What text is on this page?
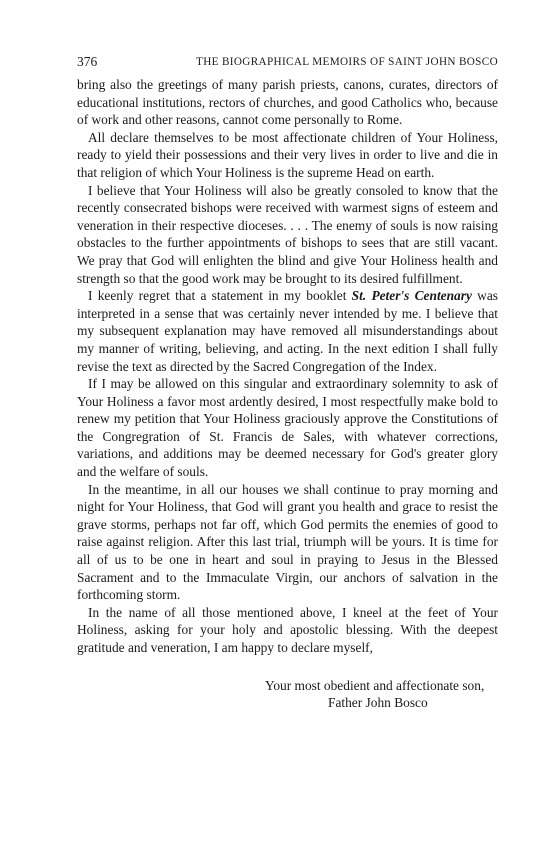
376	THE BIOGRAPHICAL MEMOIRS OF SAINT JOHN BOSCO

bring also the greetings of many parish priests, canons, curates, directors of educational institutions, rectors of churches, and good Catholics who, because of work and other reasons, cannot come personally to Rome.

All declare themselves to be most affectionate children of Your Holiness, ready to yield their possessions and their very lives in order to live and die in that religion of which Your Holiness is the supreme Head on earth.

I believe that Your Holiness will also be greatly consoled to know that the recently consecrated bishops were received with warmest signs of esteem and veneration in their respective dioceses. . . . The enemy of souls is now raising obstacles to the further appointments of bishops to sees that are still vacant. We pray that God will enlighten the blind and give Your Holiness health and strength so that the good work may be brought to its desired fulfillment.

I keenly regret that a statement in my booklet St. Peter's Centenary was interpreted in a sense that was certainly never intended by me. I believe that my subsequent explanation may have removed all misunderstandings about my manner of writing, believing, and acting. In the next edition I shall fully revise the text as directed by the Sacred Congregation of the Index.

If I may be allowed on this singular and extraordinary solemnity to ask of Your Holiness a favor most ardently desired, I most respectfully make bold to renew my petition that Your Holiness graciously approve the Constitutions of the Congregration of St. Francis de Sales, with whatever corrections, variations, and additions may be deemed necessary for God's greater glory and the welfare of souls.

In the meantime, in all our houses we shall continue to pray morning and night for Your Holiness, that God will grant you health and grace to resist the grave storms, perhaps not far off, which God permits the enemies of good to raise against religion. After this last trial, triumph will be yours. It is time for all of us to be one in heart and soul in praying to Jesus in the Blessed Sacrament and to the Immaculate Virgin, our anchors of salvation in the forthcoming storm.

In the name of all those mentioned above, I kneel at the feet of Your Holiness, asking for your holy and apostolic blessing. With the deepest gratitude and veneration, I am happy to declare myself,

Your most obedient and affectionate son,
Father John Bosco
